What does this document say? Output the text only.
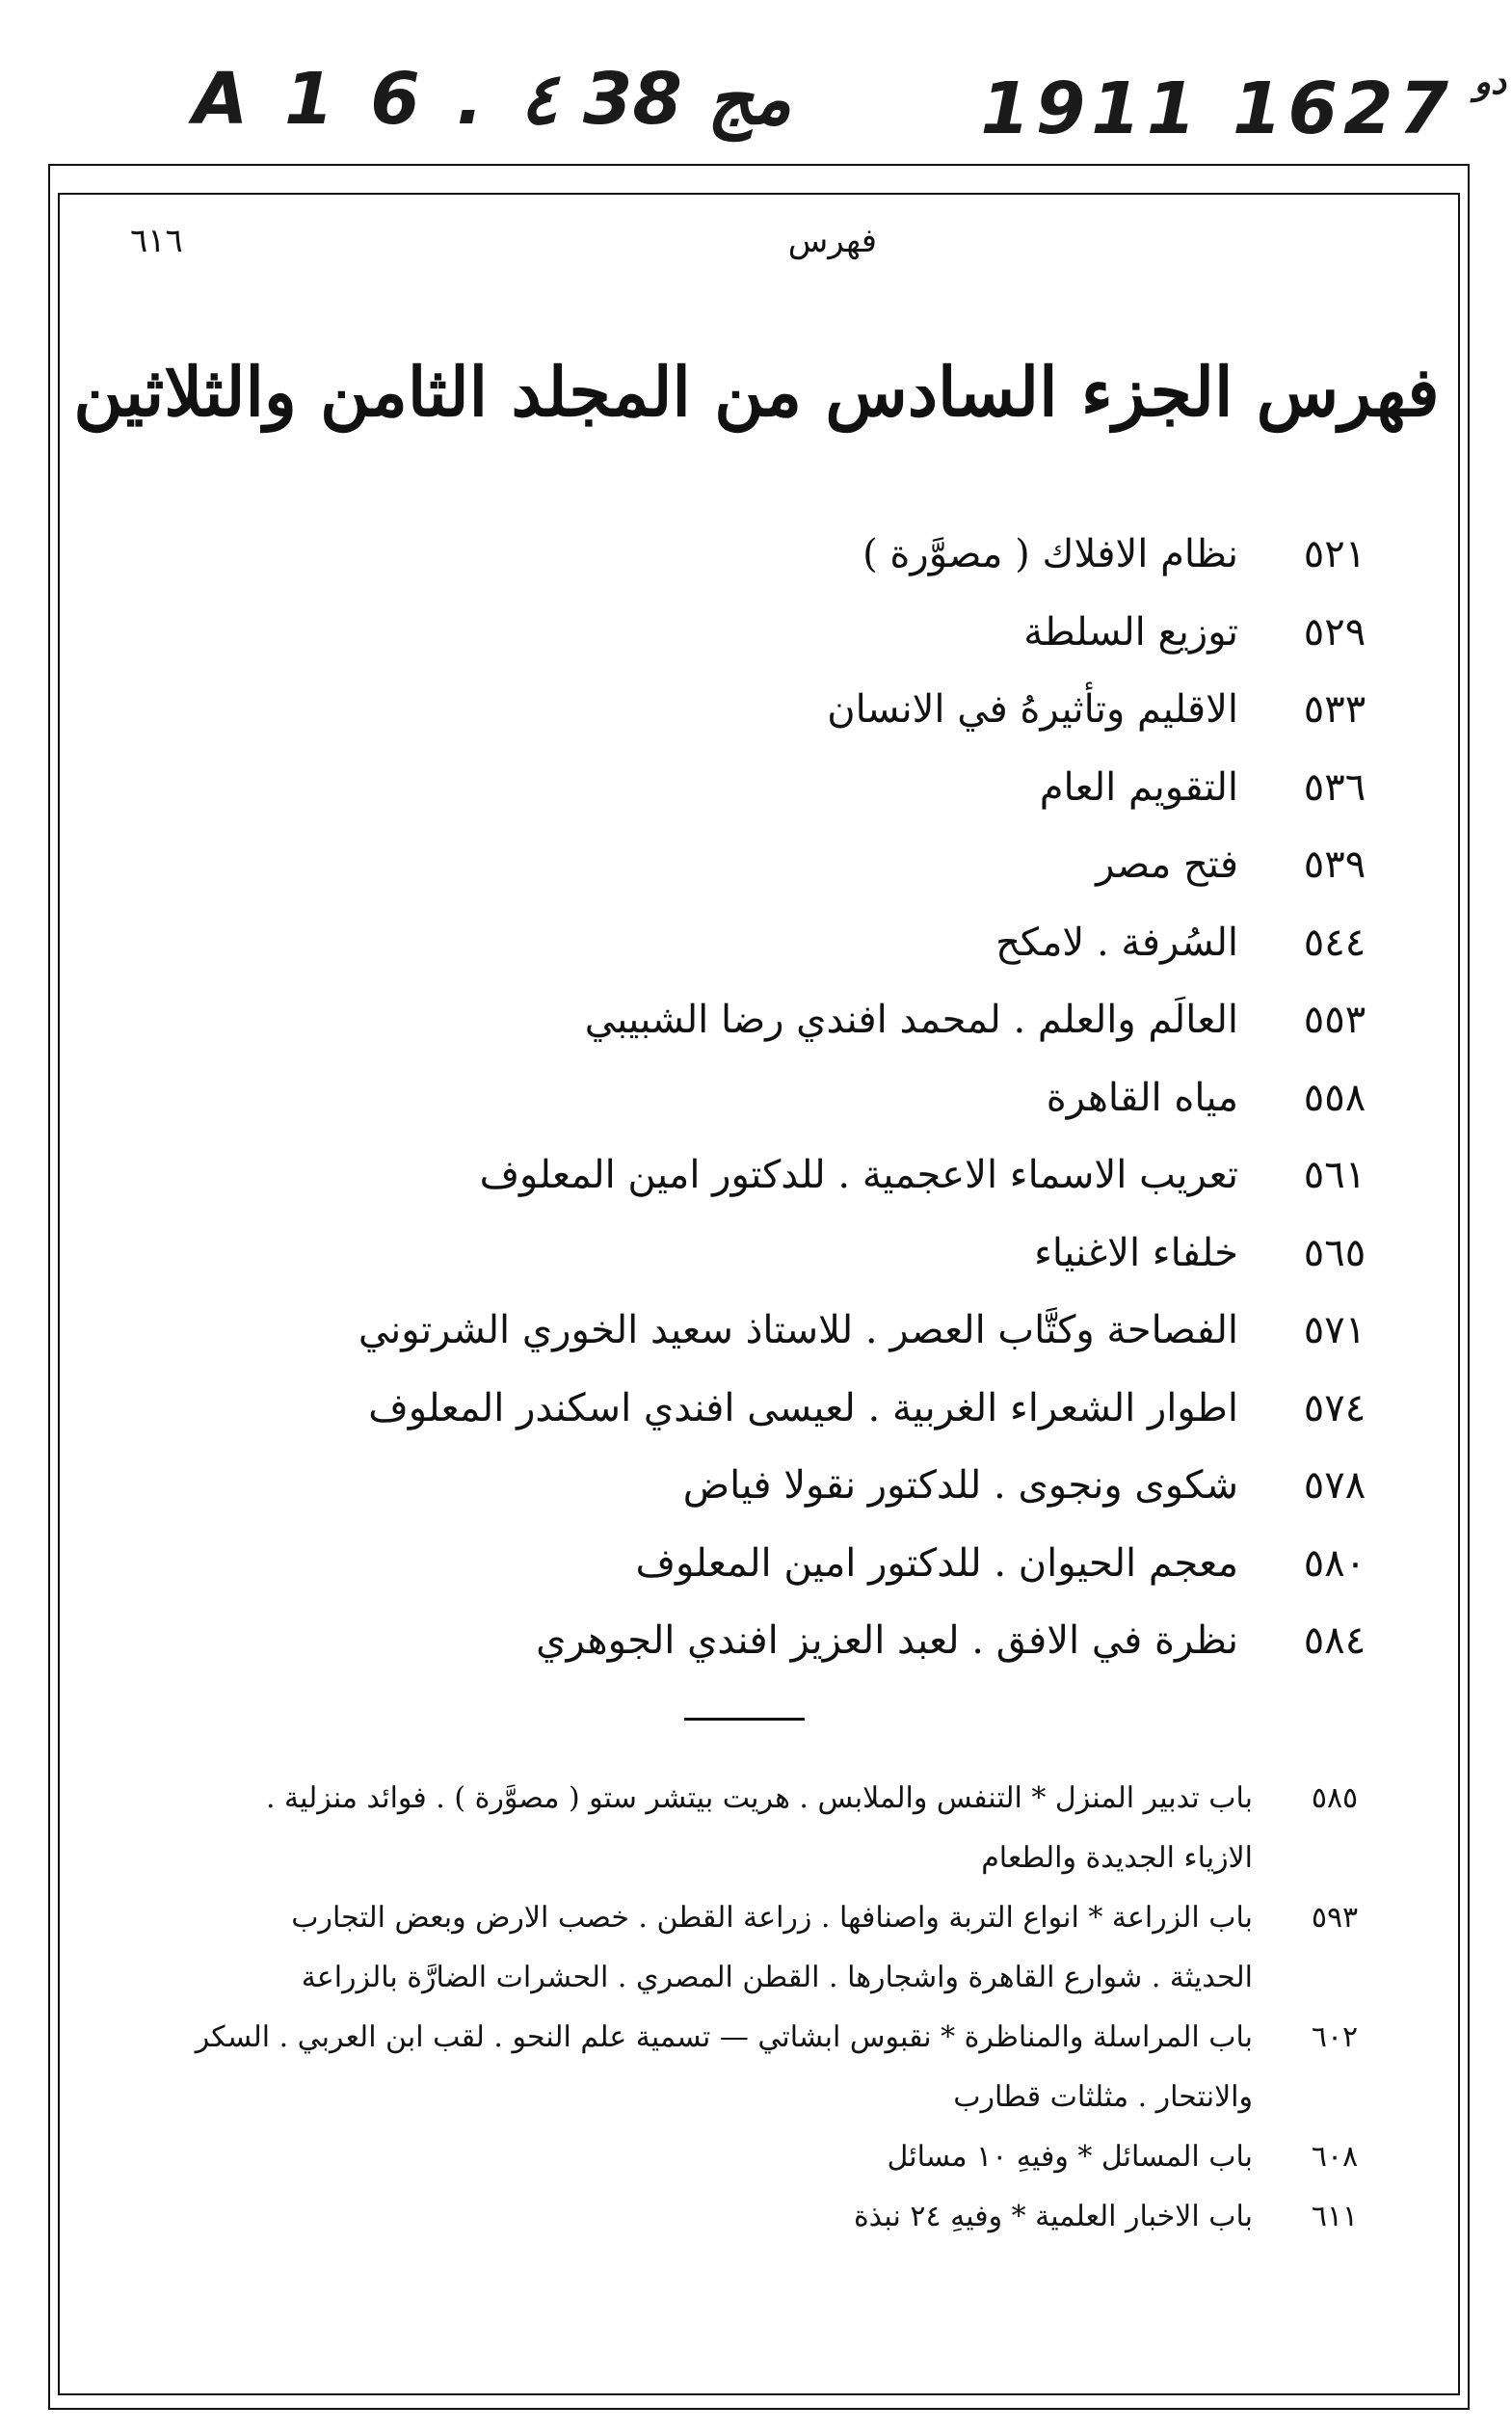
A 1 6 . ٤ 38 مج	1911 1627 دو
فهرس
٦١٦
فهرس الجزء السادس من المجلد الثامن والثلاثين
٥٢١
نظام الافلاك ( مصوَّرة )
٥٢٩
توزيع السلطة
٥٣٣
الاقليم وتأثيرهُ في الانسان
٥٣٦
التقويم العام
٥٣٩
فتح مصر
٥٤٤
السُرفة . لامكح
٥٥٣
العالَم والعلم . لمحمد افندي رضا الشبيبي
٥٥٨
مياه القاهرة
٥٦١
تعريب الاسماء الاعجمية . للدكتور امين المعلوف
٥٦٥
خلفاء الاغنياء
٥٧١
الفصاحة وكتَّاب العصر . للاستاذ سعيد الخوري الشرتوني
٥٧٤
اطوار الشعراء الغربية . لعيسى افندي اسكندر المعلوف
٥٧٨
شكوى ونجوى . للدكتور نقولا فياض
٥٨٠
معجم الحيوان . للدكتور امين المعلوف
٥٨٤
نظرة في الافق . لعبد العزيز افندي الجوهري
٥٨٥
باب تدبير المنزل * التنفس والملابس . هريت بيتشر ستو ( مصوَّرة ) . فوائد منزلية .
الازياء الجديدة والطعام
٥٩٣
باب الزراعة * انواع التربة واصنافها . زراعة القطن . خصب الارض وبعض التجارب
الحديثة . شوارع القاهرة واشجارها . القطن المصري . الحشرات الضارَّة بالزراعة
٦٠٢
باب المراسلة والمناظرة * نقبوس ابشاتي — تسمية علم النحو . لقب ابن العربي . السكر
والانتحار . مثلثات قطارب
٦٠٨
باب المسائل * وفيهِ ١٠ مسائل
٦١١
باب الاخبار العلمية * وفيهِ ٢٤ نبذة
